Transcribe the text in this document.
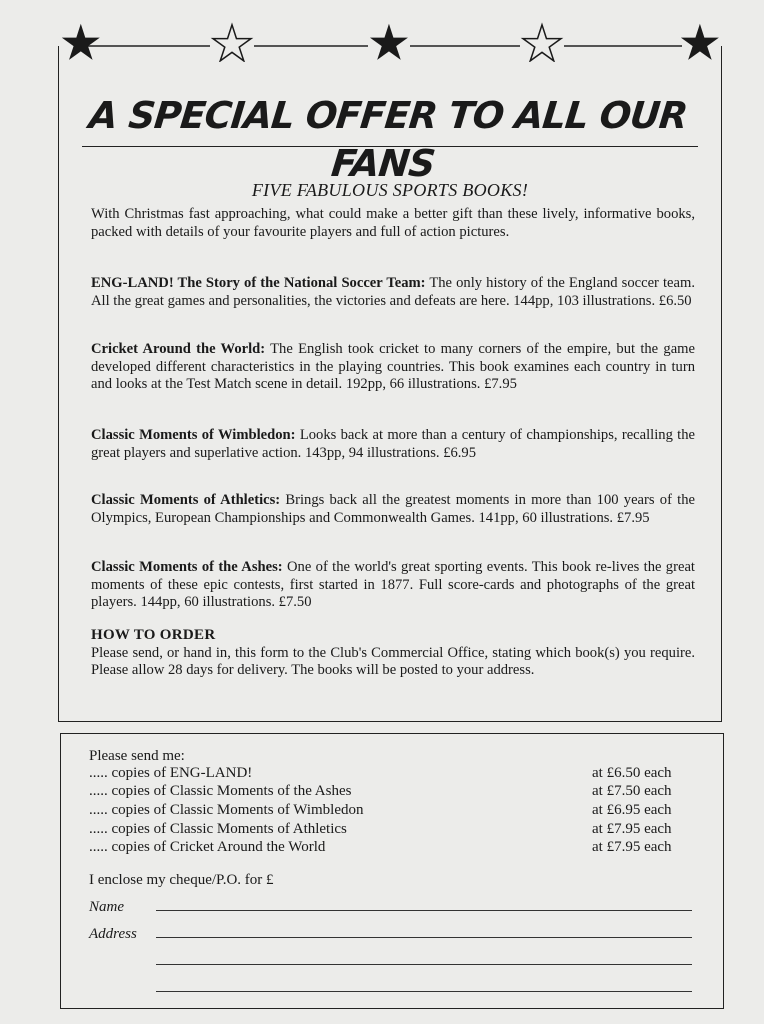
A SPECIAL OFFER TO ALL OUR FANS
FIVE FABULOUS SPORTS BOOKS!
With Christmas fast approaching, what could make a better gift than these lively, informative books, packed with details of your favourite players and full of action pictures.
ENG-LAND! The Story of the National Soccer Team: The only history of the England soccer team. All the great games and personalities, the victories and defeats are here. 144pp, 103 illustrations. £6.50
Cricket Around the World: The English took cricket to many corners of the empire, but the game developed different characteristics in the playing countries. This book examines each country in turn and looks at the Test Match scene in detail. 192pp, 66 illustrations. £7.95
Classic Moments of Wimbledon: Looks back at more than a century of championships, recalling the great players and superlative action. 143pp, 94 illustrations. £6.95
Classic Moments of Athletics: Brings back all the greatest moments in more than 100 years of the Olympics, European Championships and Commonwealth Games. 141pp, 60 illustrations. £7.95
Classic Moments of the Ashes: One of the world's great sporting events. This book re-lives the great moments of these epic contests, first started in 1877. Full score-cards and photographs of the great players. 144pp, 60 illustrations. £7.50
HOW TO ORDER
Please send, or hand in, this form to the Club's Commercial Office, stating which book(s) you require. Please allow 28 days for delivery. The books will be posted to your address.
Please send me:
..... copies of ENG-LAND!	at £6.50 each
..... copies of Classic Moments of the Ashes	at £7.50 each
..... copies of Classic Moments of Wimbledon	at £6.95 each
..... copies of Classic Moments of Athletics	at £7.95 each
..... copies of Cricket Around the World	at £7.95 each
I enclose my cheque/P.O. for £
Name
Address
